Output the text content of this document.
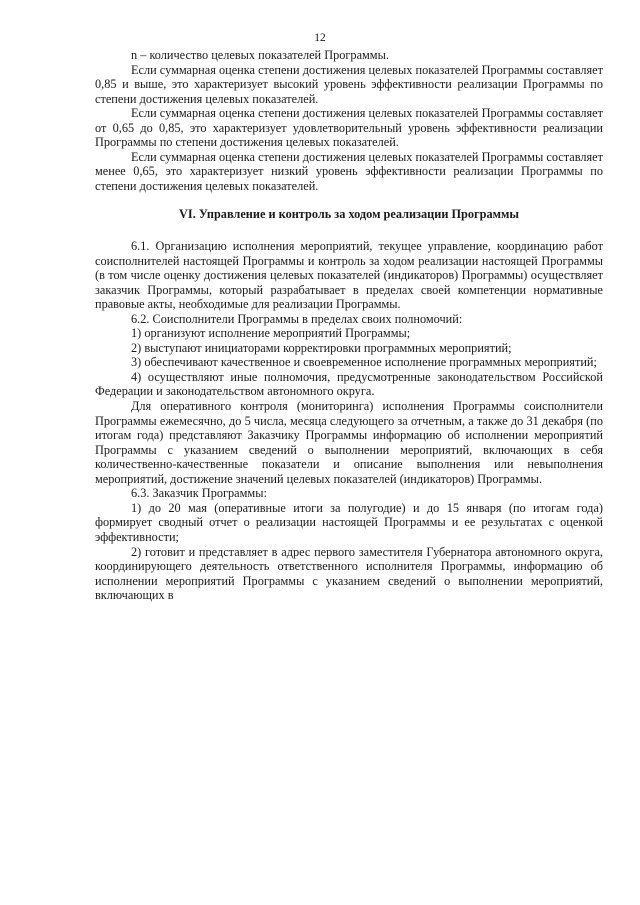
12

n – количество целевых показателей Программы.

Если суммарная оценка степени достижения целевых показателей Программы составляет 0,85 и выше, это характеризует высокий уровень эффективности реализации Программы по степени достижения целевых показателей.

Если суммарная оценка степени достижения целевых показателей Программы составляет от 0,65 до 0,85, это характеризует удовлетворительный уровень эффективности реализации Программы по степени достижения целевых показателей.

Если суммарная оценка степени достижения целевых показателей Программы составляет менее 0,65, это характеризует низкий уровень эффективности реализации Программы по степени достижения целевых показателей.

VI. Управление и контроль за ходом реализации Программы

6.1. Организацию исполнения мероприятий, текущее управление, координацию работ соисполнителей настоящей Программы и контроль за ходом реализации настоящей Программы (в том числе оценку достижения целевых показателей (индикаторов) Программы) осуществляет заказчик Программы, который разрабатывает в пределах своей компетенции нормативные правовые акты, необходимые для реализации Программы.

6.2. Соисполнители Программы в пределах своих полномочий:

1) организуют исполнение мероприятий Программы;

2) выступают инициаторами корректировки программных мероприятий;

3) обеспечивают качественное и своевременное исполнение программных мероприятий;

4) осуществляют иные полномочия, предусмотренные законодательством Российской Федерации и законодательством автономного округа.

Для оперативного контроля (мониторинга) исполнения Программы соисполнители Программы ежемесячно, до 5 числа, месяца следующего за отчетным, а также до 31 декабря (по итогам года) представляют Заказчику Программы информацию об исполнении мероприятий Программы с указанием сведений о выполнении мероприятий, включающих в себя количественно-качественные показатели и описание выполнения или невыполнения мероприятий, достижение значений целевых показателей (индикаторов) Программы.

6.3. Заказчик Программы:

1) до 20 мая (оперативные итоги за полугодие) и до 15 января (по итогам года) формирует сводный отчет о реализации настоящей Программы и ее результатах с оценкой эффективности;

2) готовит и представляет в адрес первого заместителя Губернатора автономного округа, координирующего деятельность ответственного исполнителя Программы, информацию об исполнении мероприятий Программы с указанием сведений о выполнении мероприятий, включающих в
